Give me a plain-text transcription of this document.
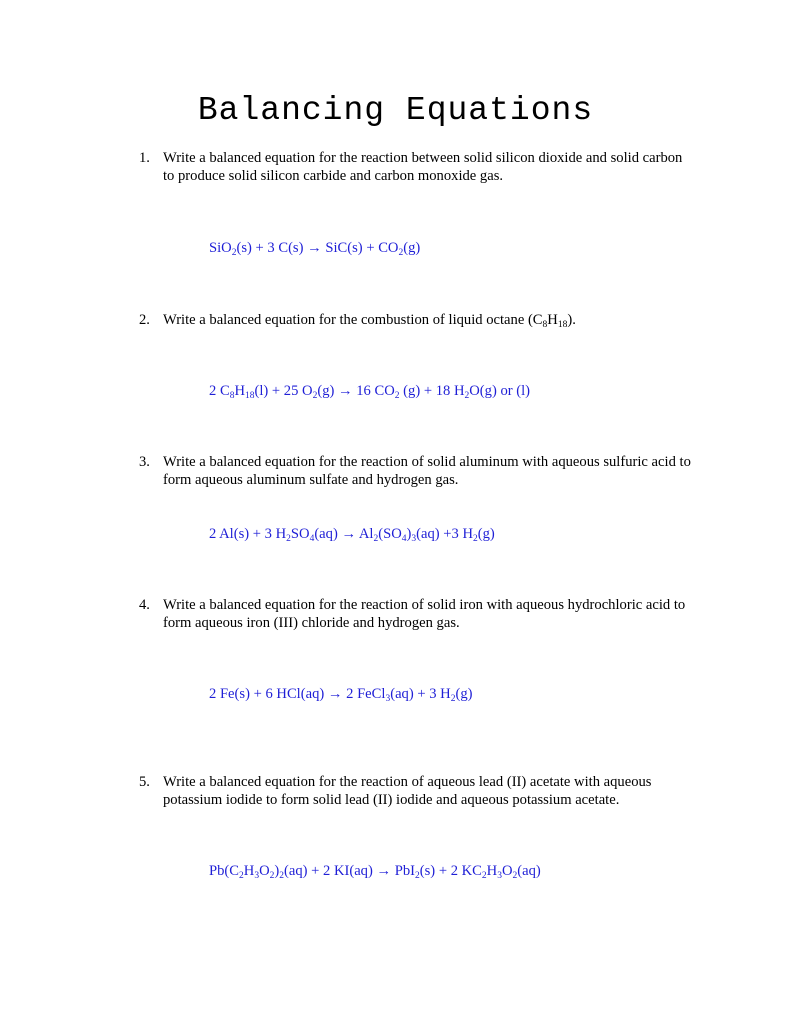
Balancing Equations
1. Write a balanced equation for the reaction between solid silicon dioxide and solid carbon to produce solid silicon carbide and carbon monoxide gas.
SiO$_2$(s) + 3 $C(s) \to SiC(s) + CO_2(g)$
2. Write a balanced equation for the combustion of liquid octane $(C_8H_{18})$.
2 $C_8H_{18}(l) + 25$ $O_2(g) \to 16$ $CO_2$ (g) + 18 $H_2O(g)$ or (l)
3. Write a balanced equation for the reaction of solid aluminum with aqueous sulfuric acid to form aqueous aluminum sulfate and hydrogen gas.
2 Al(s) + 3 $H_2SO_4(aq) \to Al_2(SO_4)_3(aq) +3$ $H_2(g)$
4. Write a balanced equation for the reaction of solid iron with aqueous hydrochloric acid to form aqueous iron (III) chloride and hydrogen gas.
2 Fe(s) + 6 HCl(aq) → 2 FeCl$_3$(aq) + 3 $H_2(g)$
5. Write a balanced equation for the reaction of aqueous lead (II) acetate with aqueous potassium iodide to form solid lead (II) iodide and aqueous potassium acetate.
$Pb(C_2H_3O_2)_2(aq) + 2$ KI(aq) → PbI$_2$(s) + 2 $KC_2H_3O_2(aq)$
